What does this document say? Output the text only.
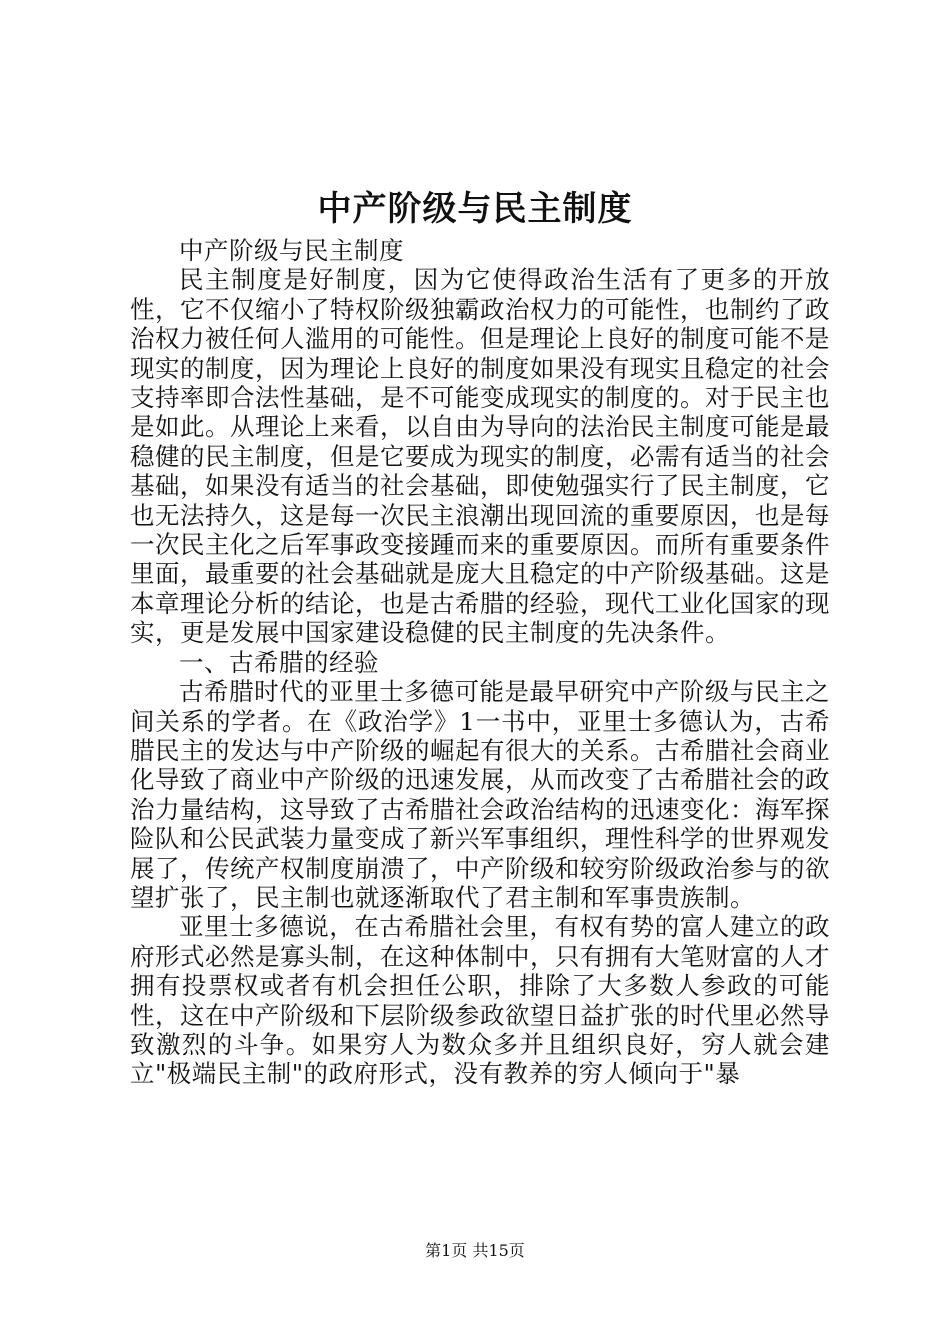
中产阶级与民主制度

中产阶级与民主制度

民主制度是好制度，因为它使得政治生活有了更多的开放性，它不仅缩小了特权阶级独霸政治权力的可能性，也制约了政治权力被任何人滥用的可能性。但是理论上良好的制度可能不是现实的制度，因为理论上良好的制度如果没有现实且稳定的社会支持率即合法性基础，是不可能变成现实的制度的。对于民主也是如此。从理论上来看，以自由为导向的法治民主制度可能是最稳健的民主制度，但是它要成为现实的制度，必需有适当的社会基础，如果没有适当的社会基础，即使勉强实行了民主制度，它也无法持久，这是每一次民主浪潮出现回流的重要原因，也是每一次民主化之后军事政变接踵而来的重要原因。而所有重要条件里面，最重要的社会基础就是庞大且稳定的中产阶级基础。这是本章理论分析的结论，也是古希腊的经验，现代工业化国家的现实，更是发展中国家建设稳健的民主制度的先决条件。

一、古希腊的经验

古希腊时代的亚里士多德可能是最早研究中产阶级与民主之间关系的学者。在《政治学》1一书中，亚里士多德认为，古希腊民主的发达与中产阶级的崛起有很大的关系。古希腊社会商业化导致了商业中产阶级的迅速发展，从而改变了古希腊社会的政治力量结构，这导致了古希腊社会政治结构的迅速变化：海军探险队和公民武装力量变成了新兴军事组织，理性科学的世界观发展了，传统产权制度崩溃了，中产阶级和较穷阶级政治参与的欲望扩张了，民主制也就逐渐取代了君主制和军事贵族制。

亚里士多德说，在古希腊社会里，有权有势的富人建立的政府形式必然是寡头制，在这种体制中，只有拥有大笔财富的人才拥有投票权或者有机会担任公职，排除了大多数人参政的可能性，这在中产阶级和下层阶级参政欲望日益扩张的时代里必然导致激烈的斗争。如果穷人为数众多并且组织良好，穷人就会建立"极端民主制"的政府形式，没有教养的穷人倾向于"暴

第1页 共15页
